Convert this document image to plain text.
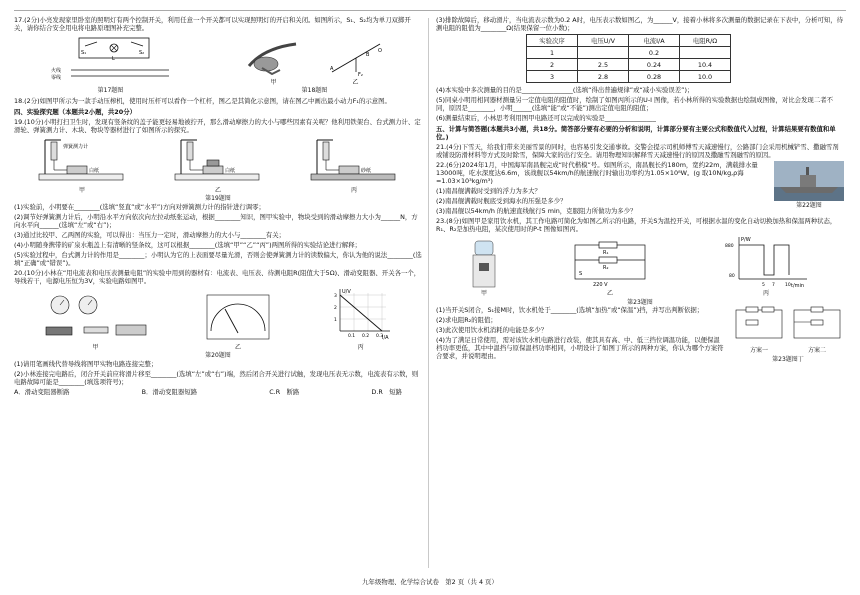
17.(2分)小亮发现家里卧室的照明灯有两个控制开关，利用任意一个开关都可以实现照明灯的开启和关闭。如图所示，S₁、S₂均为单刀双掷开关，请你结合安全用电将电路原理图补充完整。

S₁
L
S₂
火线
零线
第17题图
甲
A
B
O
F₂
乙
第18题图

18.(2分)如图甲所示为一款手动压榨机，使用时压杆可以看作一个杠杆，图乙是其简化示意图，请在图乙中画出最小动力F₁的示意图。

四、实验探究题（本题共2小题，共20分）

19.(10分)小明打扫卫生时，发现有竖条纹的盖子能更轻易地被拧开，那么滑动摩擦力的大小与哪些因素有关呢？他利用铁架台、台式测力计、定滑轮、弹簧测力计、木块、物块等器材进行了如图所示的探究。

弹簧测力计
白纸
甲
白纸
乙
砂纸
丙
第19题图

(1)实验前，小明要在________(选填“竖直”或“水平”)方向对弹簧测力计的指针进行调零；

(2)调节好弹簧测力计后，小明沿水平方向依次向左拉动纸张运动，根据________知识，图甲实验中，物块受到的滑动摩擦力大小为______N，方向水平向______(选填“左”或“右”)；

(3)通过比较甲、乙两图的实验，可以得出：当压力一定时，滑动摩擦力的大小与________有关；

(4)小明随身携带的矿泉水瓶盖上有清晰的竖条纹，这可以根据________(选填“甲”“乙”“丙”)两图所得的实验结论进行解释；

(5)实验过程中，台式测力计的作用是________；小明认为它的上表面要尽量光滑，否则会使弹簧测力计的读数偏大，你认为他的说法________(选填“正确”或“错误”)。

20.(10分)小林在“用电流表和电压表测量电阻”的实验中用到的器材有：电流表、电压表、待测电阻R(阻值大于5Ω)、滑动变阻器、开关各一个，导线若干，电源电压恒为3V，实验电路如图甲。

甲	乙
U/V
I/A
3
2
1
0.1 0.2 0.3
丙
第20题图

(1)请用笔画线代替导线将图甲实物电路连接完整；

(2)小林连接完电路后，闭合开关前应将滑片移至________(选填“左”或“右”)端，然后闭合开关进行试触，发现电压表无示数，电流表有示数，则电路故障可能是________(填选项符号)；

A．滑动变阻器断路	B．滑动变阻器短路	C.R　断路	D.R　短路

(3)排除故障后，移动滑片，当电流表示数为0.2 A时，电压表示数如图乙，为______V，接着小林将多次测量的数据记录在下表中，分析可知，待测电阻的阻值为________Ω(结果保留一位小数)；

实验次序	电压U/V	电流I/A	电阻R/Ω
1		0.2	
2	2.5	0.24	10.4
3	2.8	0.28	10.0

(4)本实验中多次测量的目的是________________(选填“得出普遍规律”或“减小实验误差”)；

(5)同桌小明用相同器材测量另一定值电阻的阻值时，绘制了如图丙所示的U-I 图像，若小林所得的实验数据也绘制成图像，对比会发现二者不同，原因是________，小明______(选填“能”或“不能”)测出定值电阻的阻值；

(6)测量结束后，小林思考利用图甲电路还可以完成的实验是________________

五、计算与简答题(本题共3小题，共18分。简答部分要有必要的分析和说明，计算部分要有主要公式和数值代入过程，计算结果要有数值和单位。)

21.(4分)下雪天，给我们带来美丽雪景的同时，也容易引发交通事故。交警会提示司机师傅雪天减速慢行，公路部门会采用机械铲雪、撒融雪剂或铺设防滑材料等方式及时除雪，保障大家的出行安全。请用物理知识解释雪天减速慢行的原因及撒融雪剂融雪的原因。

22.(6分)2024年1月，中国海军南昌舰完成“时代楷模”号。如图所示，南昌舰长约180m，宽约22m，满载排水量13000吨，吃水深度达6.6m，该战舰以54km/h的航速航行时输出功率约为1.05×10⁸W。(g 取10N/kg,ρ海=1.03×10³kg/m³)

(1)南昌舰满载时受到的浮力为多大？

(2)南昌舰满载时舰底受到海水的压强是多少？

(3)南昌舰以54km/h 的航速直线航行5 min，克服阻力所做功为多少？

第22题图

23.(8分)如图甲是家用饮水机，其工作电路可简化为如图乙所示的电路，开关S为温控开关，可根据水温的变化自动切换加热和保温两种状态，R₁、R₂是加热电阻，某次使用时的P-t 图像如图丙。

甲
R₁
R₂
S
220 V
乙
P/W
t/min
880
80
5 7 10
丙
第23题图

(1)当开关S闭合，S₁接M时，饮水机处于________(选填“加热”或“保温”)挡，并写出判断依据；

(2)求电阻R₂的阻值；

(3)此次使用饮水机消耗的电能是多少？

(4)为了满足日常使用，需对该饮水机电路进行改装，使其具有高、中、低三挡位调温功能，以便保温档功率更低，其中中温挡与原保温档功率相同，小明设计了如图丁所示的两种方案，你认为哪个方案符合要求，并说明理由。

方案一	方案二
第23题图丁
九年级物理、化学综合试卷　第2 页（共 4 页）
